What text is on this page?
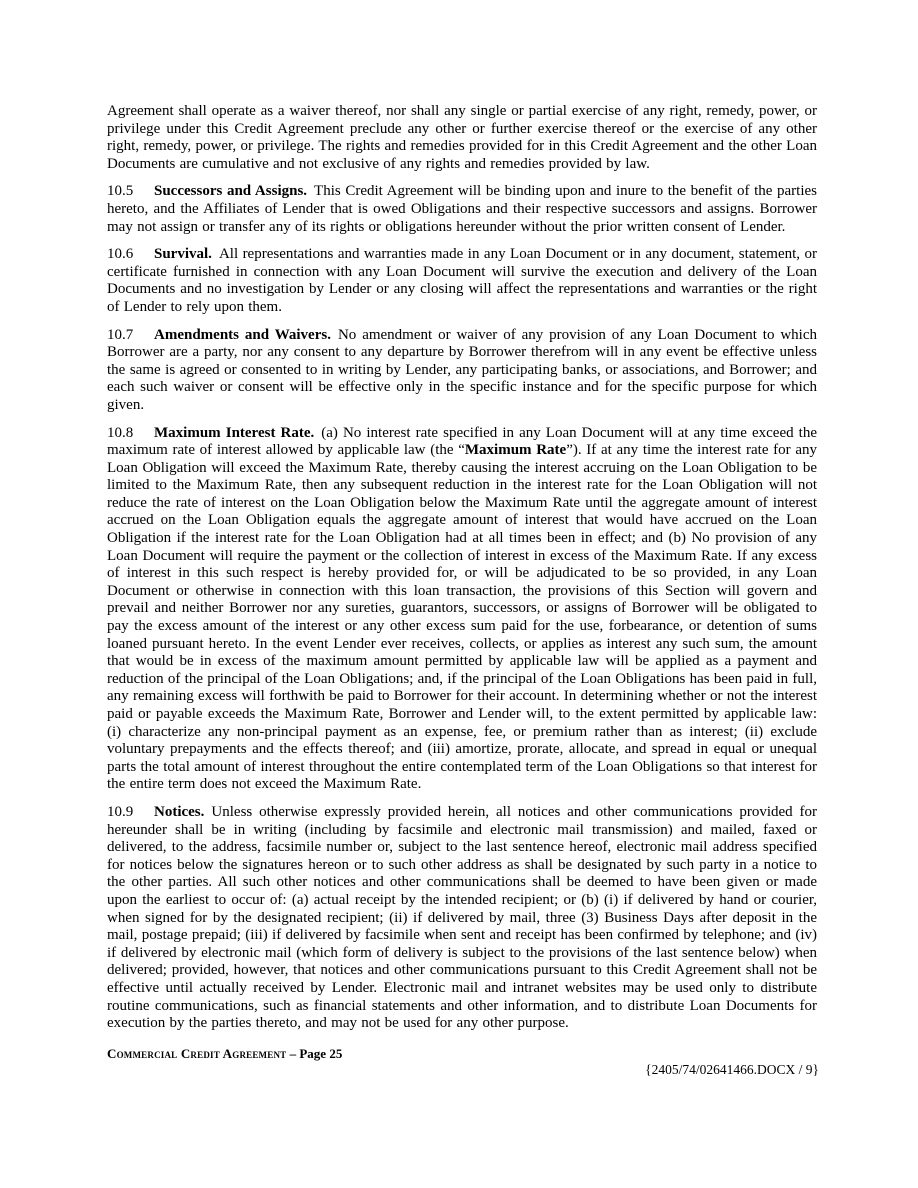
Agreement shall operate as a waiver thereof, nor shall any single or partial exercise of any right, remedy, power, or privilege under this Credit Agreement preclude any other or further exercise thereof or the exercise of any other right, remedy, power, or privilege. The rights and remedies provided for in this Credit Agreement and the other Loan Documents are cumulative and not exclusive of any rights and remedies provided by law.

10.5 Successors and Assigns. This Credit Agreement will be binding upon and inure to the benefit of the parties hereto, and the Affiliates of Lender that is owed Obligations and their respective successors and assigns. Borrower may not assign or transfer any of its rights or obligations hereunder without the prior written consent of Lender.

10.6 Survival. All representations and warranties made in any Loan Document or in any document, statement, or certificate furnished in connection with any Loan Document will survive the execution and delivery of the Loan Documents and no investigation by Lender or any closing will affect the representations and warranties or the right of Lender to rely upon them.

10.7 Amendments and Waivers. No amendment or waiver of any provision of any Loan Document to which Borrower are a party, nor any consent to any departure by Borrower therefrom will in any event be effective unless the same is agreed or consented to in writing by Lender, any participating banks, or associations, and Borrower; and each such waiver or consent will be effective only in the specific instance and for the specific purpose for which given.

10.8 Maximum Interest Rate. (a) No interest rate specified in any Loan Document will at any time exceed the maximum rate of interest allowed by applicable law (the “Maximum Rate”). If at any time the interest rate for any Loan Obligation will exceed the Maximum Rate, thereby causing the interest accruing on the Loan Obligation to be limited to the Maximum Rate, then any subsequent reduction in the interest rate for the Loan Obligation will not reduce the rate of interest on the Loan Obligation below the Maximum Rate until the aggregate amount of interest accrued on the Loan Obligation equals the aggregate amount of interest that would have accrued on the Loan Obligation if the interest rate for the Loan Obligation had at all times been in effect; and (b) No provision of any Loan Document will require the payment or the collection of interest in excess of the Maximum Rate. If any excess of interest in this such respect is hereby provided for, or will be adjudicated to be so provided, in any Loan Document or otherwise in connection with this loan transaction, the provisions of this Section will govern and prevail and neither Borrower nor any sureties, guarantors, successors, or assigns of Borrower will be obligated to pay the excess amount of the interest or any other excess sum paid for the use, forbearance, or detention of sums loaned pursuant hereto. In the event Lender ever receives, collects, or applies as interest any such sum, the amount that would be in excess of the maximum amount permitted by applicable law will be applied as a payment and reduction of the principal of the Loan Obligations; and, if the principal of the Loan Obligations has been paid in full, any remaining excess will forthwith be paid to Borrower for their account. In determining whether or not the interest paid or payable exceeds the Maximum Rate, Borrower and Lender will, to the extent permitted by applicable law: (i) characterize any non-principal payment as an expense, fee, or premium rather than as interest; (ii) exclude voluntary prepayments and the effects thereof; and (iii) amortize, prorate, allocate, and spread in equal or unequal parts the total amount of interest throughout the entire contemplated term of the Loan Obligations so that interest for the entire term does not exceed the Maximum Rate.

10.9 Notices. Unless otherwise expressly provided herein, all notices and other communications provided for hereunder shall be in writing (including by facsimile and electronic mail transmission) and mailed, faxed or delivered, to the address, facsimile number or, subject to the last sentence hereof, electronic mail address specified for notices below the signatures hereon or to such other address as shall be designated by such party in a notice to the other parties. All such other notices and other communications shall be deemed to have been given or made upon the earliest to occur of: (a) actual receipt by the intended recipient; or (b) (i) if delivered by hand or courier, when signed for by the designated recipient; (ii) if delivered by mail, three (3) Business Days after deposit in the mail, postage prepaid; (iii) if delivered by facsimile when sent and receipt has been confirmed by telephone; and (iv) if delivered by electronic mail (which form of delivery is subject to the provisions of the last sentence below) when delivered; provided, however, that notices and other communications pursuant to this Credit Agreement shall not be effective until actually received by Lender. Electronic mail and intranet websites may be used only to distribute routine communications, such as financial statements and other information, and to distribute Loan Documents for execution by the parties thereto, and may not be used for any other purpose.

Commercial Credit Agreement – Page 25
{2405/74/02641466.DOCX / 9}
